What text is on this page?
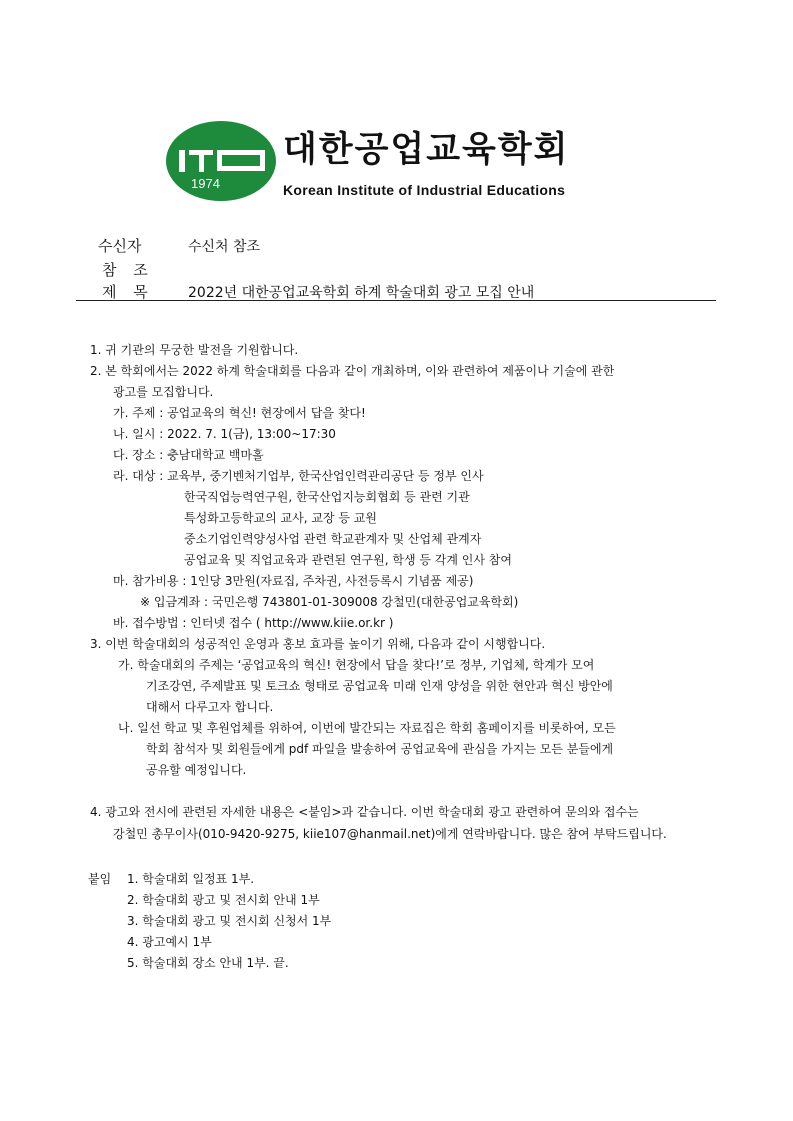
1974
대한공업교육학회
Korean Institute of Industrial Educations
수신자	수신처 참조
참 조
제 목 2022년 대한공업교육학회 하계 학술대회 광고 모집 안내
1. 귀 기관의 무궁한 발전을 기원합니다.
2. 본 학회에서는 2022 하계 학술대회를 다음과 같이 개최하며, 이와 관련하여 제품이나 기술에 관한
광고를 모집합니다.
가. 주제 : 공업교육의 혁신! 현장에서 답을 찾다!
나. 일시 : 2022. 7. 1(금), 13:00~17:30
다. 장소 : 충남대학교 백마홀
라. 대상 : 교육부, 중기벤처기업부, 한국산업인력관리공단 등 정부 인사
한국직업능력연구원, 한국산업지능회협회 등 관련 기관
특성화고등학교의 교사, 교장 등 교원
중소기업인력양성사업 관련 학교관계자 및 산업체 관계자
공업교육 및 직업교육과 관련된 연구원, 학생 등 각계 인사 참여
마. 참가비용 : 1인당 3만원(자료집, 주차권, 사전등록시 기념품 제공)
※ 입금계좌 : 국민은행 743801-01-309008 강철민(대한공업교육학회)
바. 접수방법 : 인터넷 접수 ( http://www.kiie.or.kr )
3. 이번 학술대회의 성공적인 운영과 홍보 효과를 높이기 위해, 다음과 같이 시행합니다.
가. 학술대회의 주제는 ‘공업교육의 혁신! 현장에서 답을 찾다!’로 정부, 기업체, 학계가 모여
기조강연, 주제발표 및 토크쇼 형태로 공업교육 미래 인재 양성을 위한 현안과 혁신 방안에
대해서 다루고자 합니다.
나. 일선 학교 및 후원업체를 위하여, 이번에 발간되는 자료집은 학회 홈페이지를 비롯하여, 모든
학회 참석자 및 회원들에게 pdf 파일을 발송하여 공업교육에 관심을 가지는 모든 분들에게
공유할 예정입니다.
4. 광고와 전시에 관련된 자세한 내용은 <붙임>과 같습니다. 이번 학술대회 광고 관련하여 문의와 접수는
강철민 총무이사(010-9420-9275, kiie107@hanmail.net)에게 연락바랍니다. 많은 참여 부탁드립니다.
붙임 1. 학술대회 일정표 1부.
2. 학술대회 광고 및 전시회 안내 1부
3. 학술대회 광고 및 전시회 신청서 1부
4. 광고예시 1부
5. 학술대회 장소 안내 1부. 끝.
